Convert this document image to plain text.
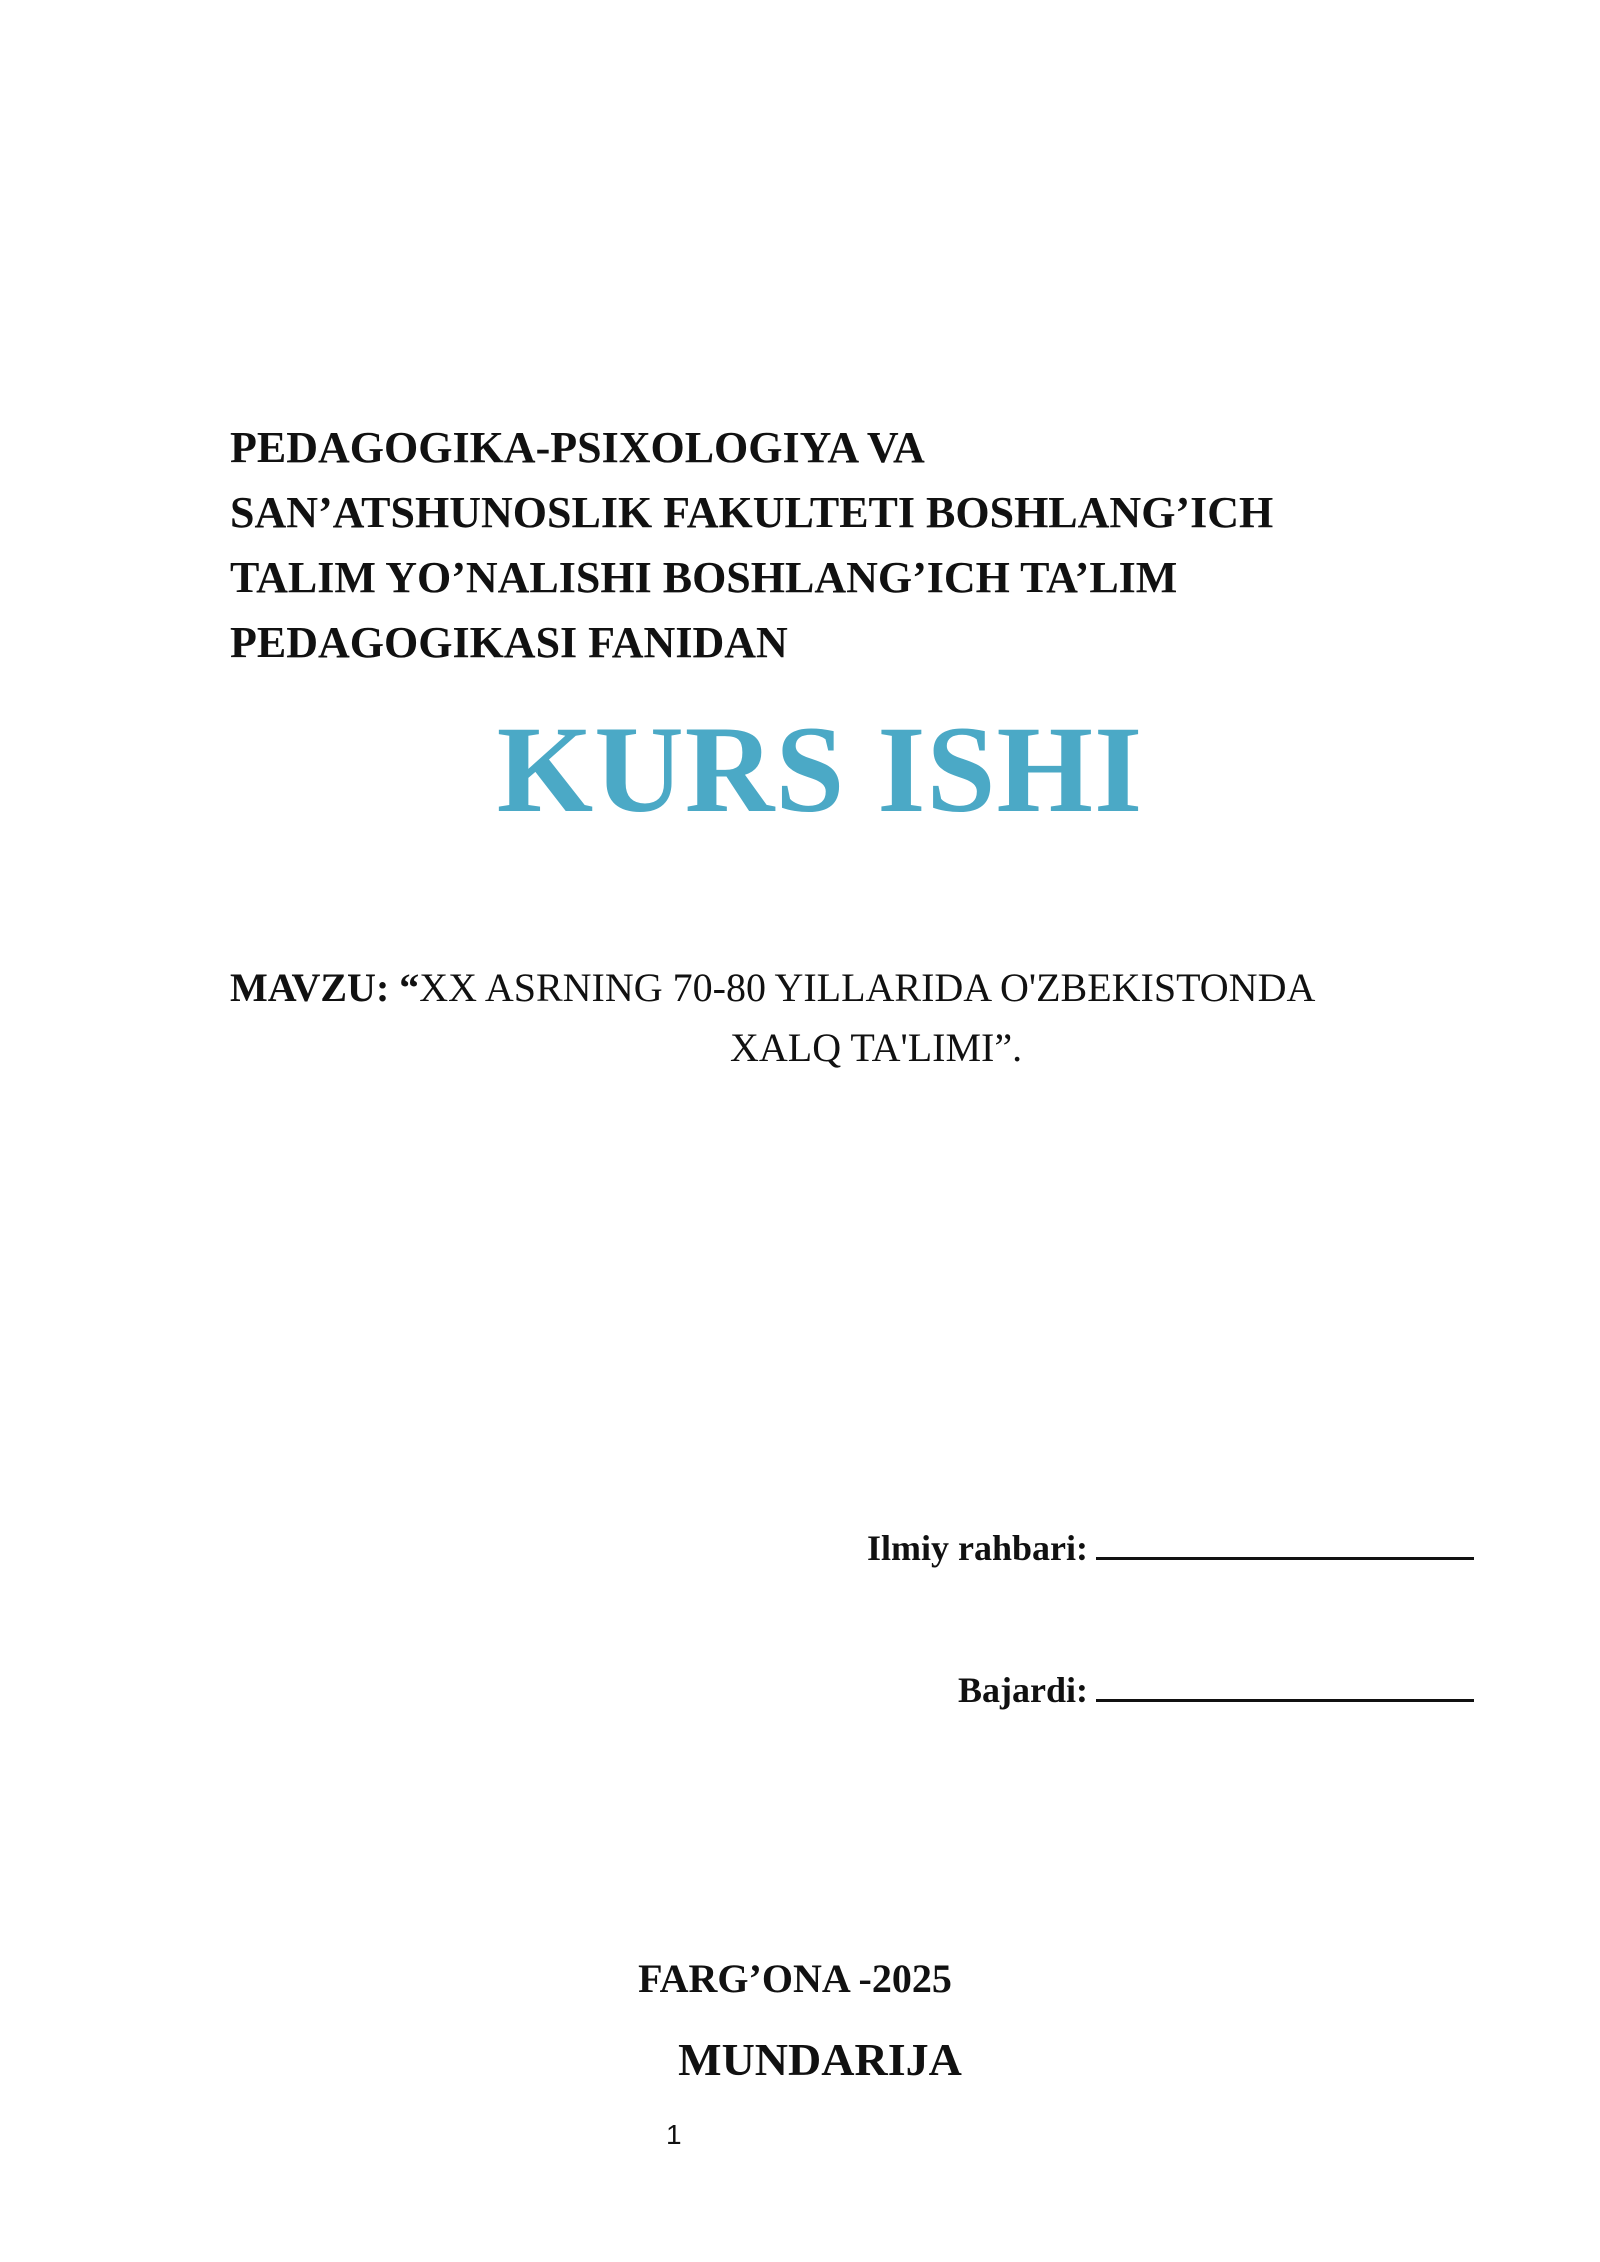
PEDAGOGIKA-PSIXOLOGIYA VA
SAN’ATSHUNOSLIK FAKULTETI BOSHLANG’ICH
TALIM YO’NALISHI BOSHLANG’ICH TA’LIM
PEDAGOGIKASI FANIDAN
KURS ISHI
MAVZU: “XX ASRNING 70-80 YILLARIDA O'ZBEKISTONDA
XALQ TA'LIMI”.
Ilmiy rahbari:
Bajardi:
FARG’ONA -2025
MUNDARIJA
1
